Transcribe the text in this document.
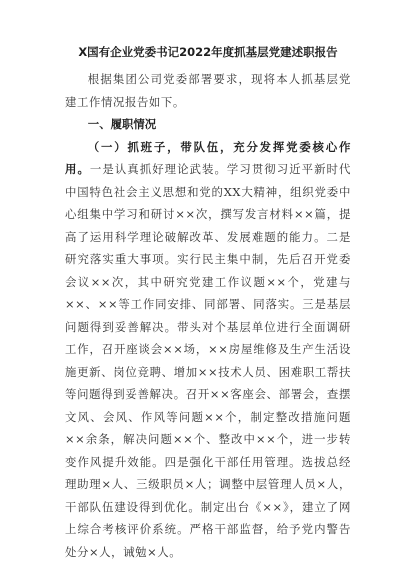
X国有企业党委书记2022年度抓基层党建述职报告

根据集团公司党委部署要求，现将本人抓基层党建工作情况报告如下。

一、履职情况

（一）抓班子，带队伍，充分发挥党委核心作用。一是认真抓好理论武装。学习贯彻习近平新时代中国特色社会主义思想和党的XX大精神，组织党委中心组集中学习和研讨××次，撰写发言材料××篇，提高了运用科学理论破解改革、发展难题的能力。二是研究落实重大事项。实行民主集中制，先后召开党委会议××次，其中研究党建工作议题××个，党建与××、××等工作同安排、同部署、同落实。三是基层问题得到妥善解决。带头对个基层单位进行全面调研工作，召开座谈会××场，××房屋维修及生产生活设施更新、岗位竞聘、增加××技术人员、困难职工帮扶等问题得到妥善解决。召开××客座会、部署会，查摆文风、会风、作风等问题××个，制定整改措施问题××余条，解决问题××个、整改中××个，进一步转变作风提升效能。四是强化干部任用管理。选拔总经理助理×人、三级职员×人；调整中层管理人员×人，干部队伍建设得到优化。制定出台《××》，建立了网上综合考核评价系统。严格干部监督，给予党内警告处分×人，诫勉×人。
